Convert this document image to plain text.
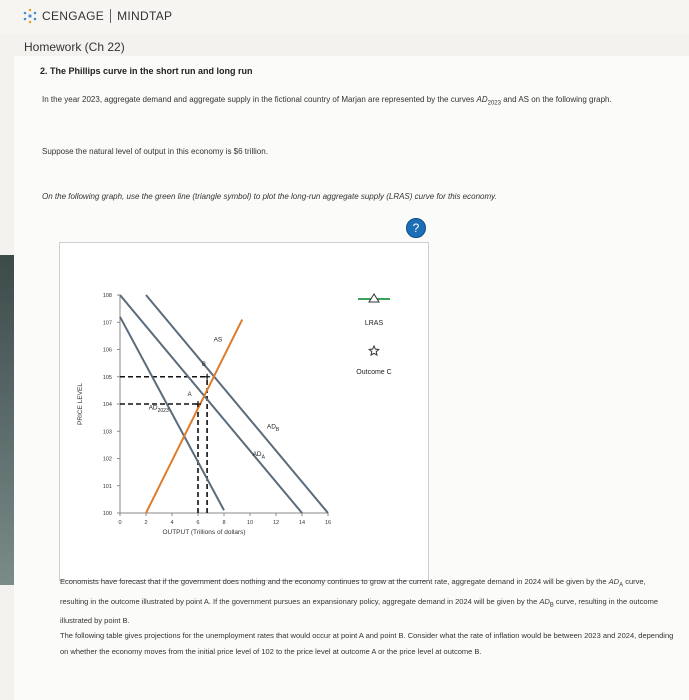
CENGAGE MINDTAP
Homework (Ch 22)
2. The Phillips curve in the short run and long run
In the year 2023, aggregate demand and aggregate supply in the fictional country of Marjan are represented by the curves $AD_{2023}$ and AS on the following graph.
Suppose the natural level of output in this economy is $6 trillion.
On the following graph, use the green line (triangle symbol) to plot the long-run aggregate supply (LRAS) curve for this economy.
?
100
101
102
103
104
105
106
107
108
0	2	4	6	8	10	12	14	16
OUTPUT (Trillions of dollars)
PRICE LEVEL	$AD_{2023}$
$AD_A$
$AD_B$
AS
A
B
LRAS
Outcome C
Economists have forecast that if the government does nothing and the economy continues to grow at the current rate, aggregate demand in 2024 will be given by the $AD_A$ curve, resulting in the outcome illustrated by point A. If the government pursues an expansionary policy, aggregate demand in 2024 will be given by the $AD_B$ curve, resulting in the outcome illustrated by point B.
The following table gives projections for the unemployment rates that would occur at point A and point B. Consider what the rate of inflation would be between 2023 and 2024, depending on whether the economy moves from the initial price level of 102 to the price level at outcome A or the price level at outcome B.
